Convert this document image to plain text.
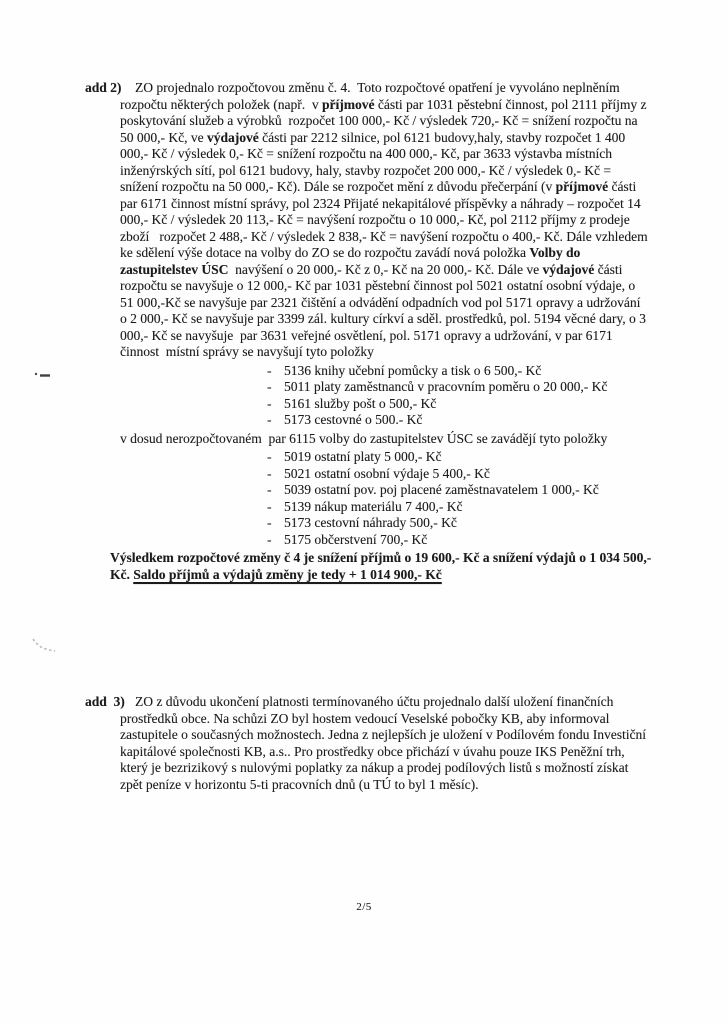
add 2)	ZO projednalo rozpočtovou změnu č. 4.  Toto rozpočtové opatření je vyvoláno neplněním rozpočtu některých položek (např.  v příjmové části par 1031 pěstební činnost, pol 2111 příjmy z poskytování služeb a výrobků  rozpočet 100 000,- Kč / výsledek 720,- Kč = snížení rozpočtu na 50 000,- Kč, ve výdajové části par 2212 silnice, pol 6121 budovy,haly, stavby rozpočet 1 400 000,- Kč / výsledek 0,- Kč = snížení rozpočtu na 400 000,- Kč, par 3633 výstavba místních inženýrských sítí, pol 6121 budovy, haly, stavby rozpočet 200 000,- Kč / výsledek 0,- Kč = snížení rozpočtu na 50 000,- Kč). Dále se rozpočet mění z důvodu přečerpání (v příjmové části par 6171 činnost místní správy, pol 2324 Přijaté nekapitálové příspěvky a náhrady – rozpočet 14 000,- Kč / výsledek 20 113,- Kč = navýšení rozpočtu o 10 000,- Kč, pol 2112 příjmy z prodeje zboží   rozpočet 2 488,- Kč / výsledek 2 838,- Kč = navýšení rozpočtu o 400,- Kč. Dále vzhledem ke sdělení výše dotace na volby do ZO se do rozpočtu zavádí nová položka Volby do zastupitelstev ÚSC  navýšení o 20 000,- Kč z 0,- Kč na 20 000,- Kč. Dále ve výdajové části rozpočtu se navyšuje o 12 000,- Kč par 1031 pěstební činnost pol 5021 ostatní osobní výdaje, o 51 000,-Kč se navyšuje par 2321 čištění a odvádění odpadních vod pol 5171 opravy a udržování o 2 000,- Kč se navyšuje par 3399 zál. kultury církví a sděl. prostředků, pol. 5194 věcné dary, o 3 000,- Kč se navyšuje  par 3631 veřejné osvětlení, pol. 5171 opravy a udržování, v par 6171 činnost  místní správy se navyšují tyto položky
- 5136 knihy učební pomůcky a tisk o 6 500,- Kč
- 5011 platy zaměstnanců v pracovním poměru o 20 000,- Kč
- 5161 služby pošt o 500,- Kč
- 5173 cestovné o 500.- Kč
v dosud nerozpočtovaném  par 6115 volby do zastupitelstev ÚSC se zavádějí tyto položky
- 5019 ostatní platy 5 000,- Kč
- 5021 ostatní osobní výdaje 5 400,- Kč
- 5039 ostatní pov. poj placené zaměstnavatelem 1 000,- Kč
- 5139 nákup materiálu 7 400,- Kč
- 5173 cestovní náhrady 500,- Kč
- 5175 občerstvení 700,- Kč
Výsledkem rozpočtové změny č 4 je snížení příjmů o 19 600,- Kč a snížení výdajů o 1 034 500,- Kč. Saldo příjmů a výdajů změny je tedy + 1 014 900,- Kč
add  3) ZO z důvodu ukončení platnosti termínovaného účtu projednalo další uložení finančních prostředků obce. Na schůzi ZO byl hostem vedoucí Veselské pobočky KB, aby informoval zastupitele o současných možnostech. Jedna z nejlepších je uložení v Podílovém fondu Investiční kapitálové společnosti KB, a.s.. Pro prostředky obce přichází v úvahu pouze IKS Peněžní trh, který je bezrizikový s nulovými poplatky za nákup a prodej podílových listů s možností získat zpět peníze v horizontu 5-ti pracovních dnů (u TÚ to byl 1 měsíc).
2/5
